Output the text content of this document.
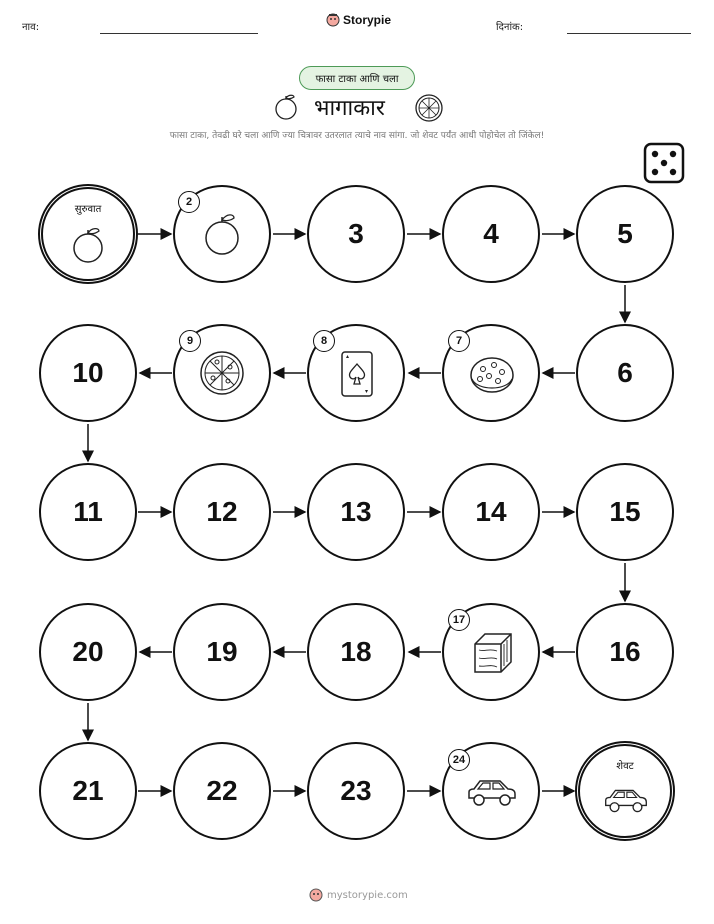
नाव:
Storypie
दिनांक:
फासा टाका आणि चला
भागाकार
फासा टाका, तेवढी घरे चला आणि ज्या चित्रावर उतरलात त्याचे नाव सांगा. जो शेवट पर्यंत आधी पोहोचेल तो जिंकेल!
सुरुवात
2
3	4	5
6
7
8
9
10
11	12	13	14	15
16
17
18
19
20
21	22	23
24
शेवट
mystorypie.com
